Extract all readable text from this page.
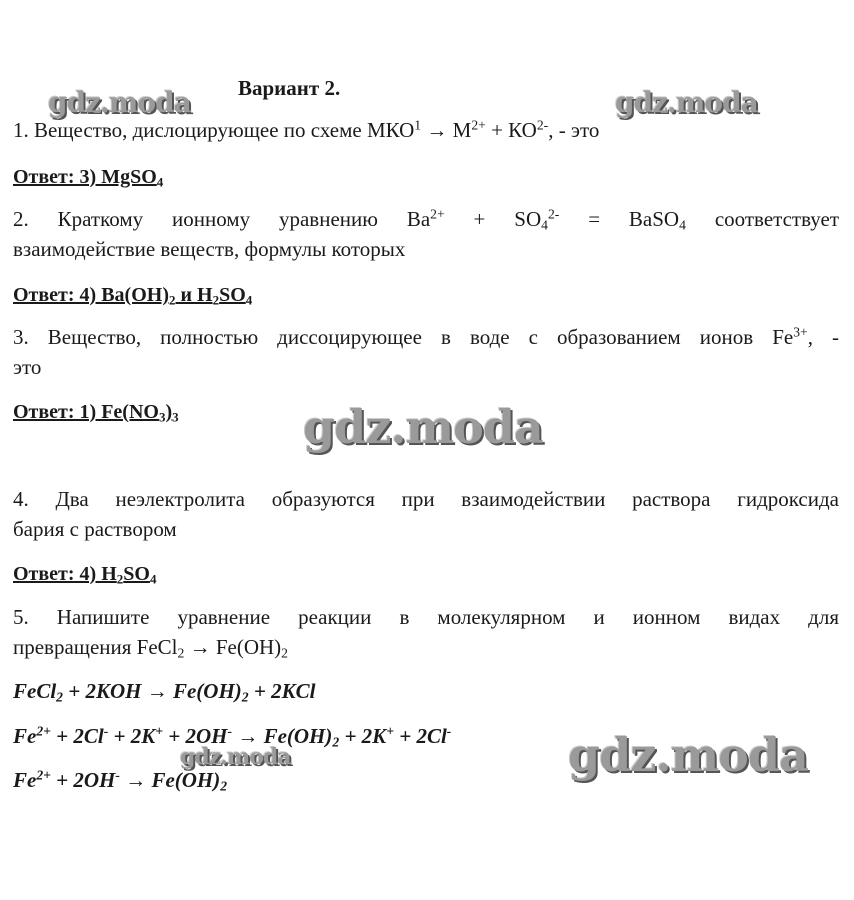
gdz.moda	gdz.moda
gdz.moda
gdz.moda
gdz.moda
Вариант 2.
1. Вещество, дислоцирующее по схеме $МКО^1 \to М^{2+} + КО^{2-}$, - это
Ответ: 3) MgSO$_4$
2. Краткому ионному уравнению $Ba^{2+} + SO_4^{2-}$ = BaSO$_4$ соответствует
взаимодействие веществ, формулы которых
Ответ: 4) $Ba(OH)_2$ и $H_2SO_4$
3. Вещество, полностью диссоцирующее в воде с образованием ионов $Fe^{3+}$, -
это
Ответ: 1) $Fe(NO_3)_3$
4. Два неэлектролита образуются при взаимодействии раствора гидроксида
бария с раствором
Ответ: 4) $H_2SO_4$
5. Напишите уравнение реакции в молекулярном и ионном видах для
превращения FeCl$_2$ → $Fe(OH)_2$
FeCl$_2$ + $2KOH \to Fe(OH)_2 + 2KCl$
$Fe^{2+} + 2Cl^- + 2K^+ + 2OH^- \to Fe(OH)_2 + 2K^+ + 2Cl^-$
$Fe^{2+} + 2OH^- \to Fe(OH)_2$
